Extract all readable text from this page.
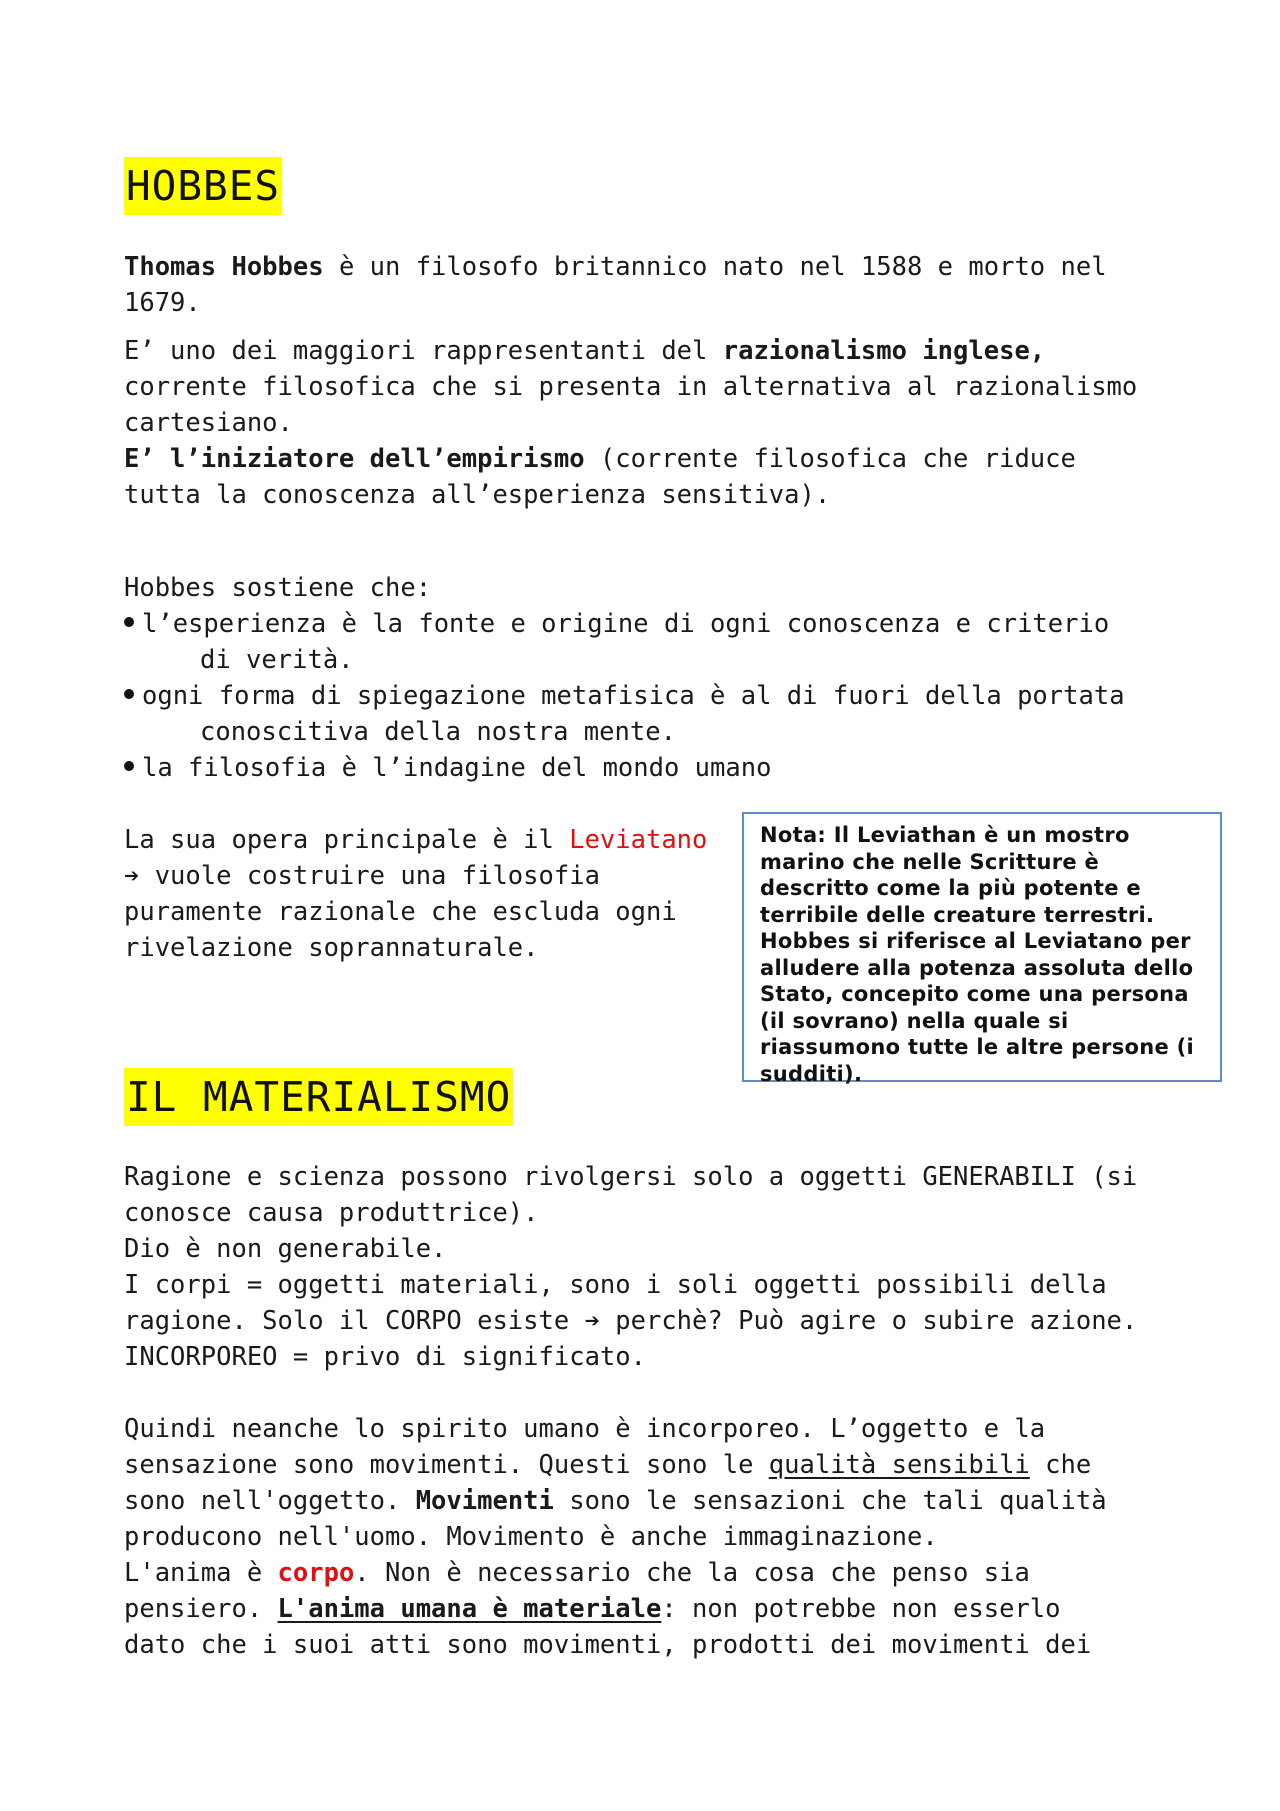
HOBBES

Thomas Hobbes è un filosofo britannico nato nel 1588 e morto nel

1679.

E’ uno dei maggiori rappresentanti del razionalismo inglese,

corrente filosofica che si presenta in alternativa al razionalismo

cartesiano.

E’ l’iniziatore dell’empirismo (corrente filosofica che riduce

tutta la conoscenza all’esperienza sensitiva).

Hobbes sostiene che:

l’esperienza è la fonte e origine di ogni conoscenza e criterio
di verità.
ogni forma di spiegazione metafisica è al di fuori della portata
conoscitiva della nostra mente.
la filosofia è l’indagine del mondo umano

La sua opera principale è il Leviatano

➔ vuole costruire una filosofia

puramente razionale che escluda ogni

rivelazione soprannaturale.

Nota: Il Leviathan è un mostro marino che nelle Scritture è descritto come la più potente e terribile delle creature terrestri. Hobbes si riferisce al Leviatano per alludere alla potenza assoluta dello Stato, concepito come una persona (il sovrano) nella quale si riassumono tutte le altre persone (i sudditi).
IL MATERIALISMO

Ragione e scienza possono rivolgersi solo a oggetti GENERABILI (si

conosce causa produttrice).

Dio è non generabile.

I corpi = oggetti materiali, sono i soli oggetti possibili della

ragione. Solo il CORPO esiste ➔ perchè? Può agire o subire azione.

INCORPOREO = privo di significato.

Quindi neanche lo spirito umano è incorporeo. L’oggetto e la

sensazione sono movimenti. Questi sono le qualità sensibili che

sono nell'oggetto. Movimenti sono le sensazioni che tali qualità

producono nell'uomo. Movimento è anche immaginazione.

L'anima è corpo. Non è necessario che la cosa che penso sia

pensiero. L'anima umana è materiale: non potrebbe non esserlo

dato che i suoi atti sono movimenti, prodotti dei movimenti dei
